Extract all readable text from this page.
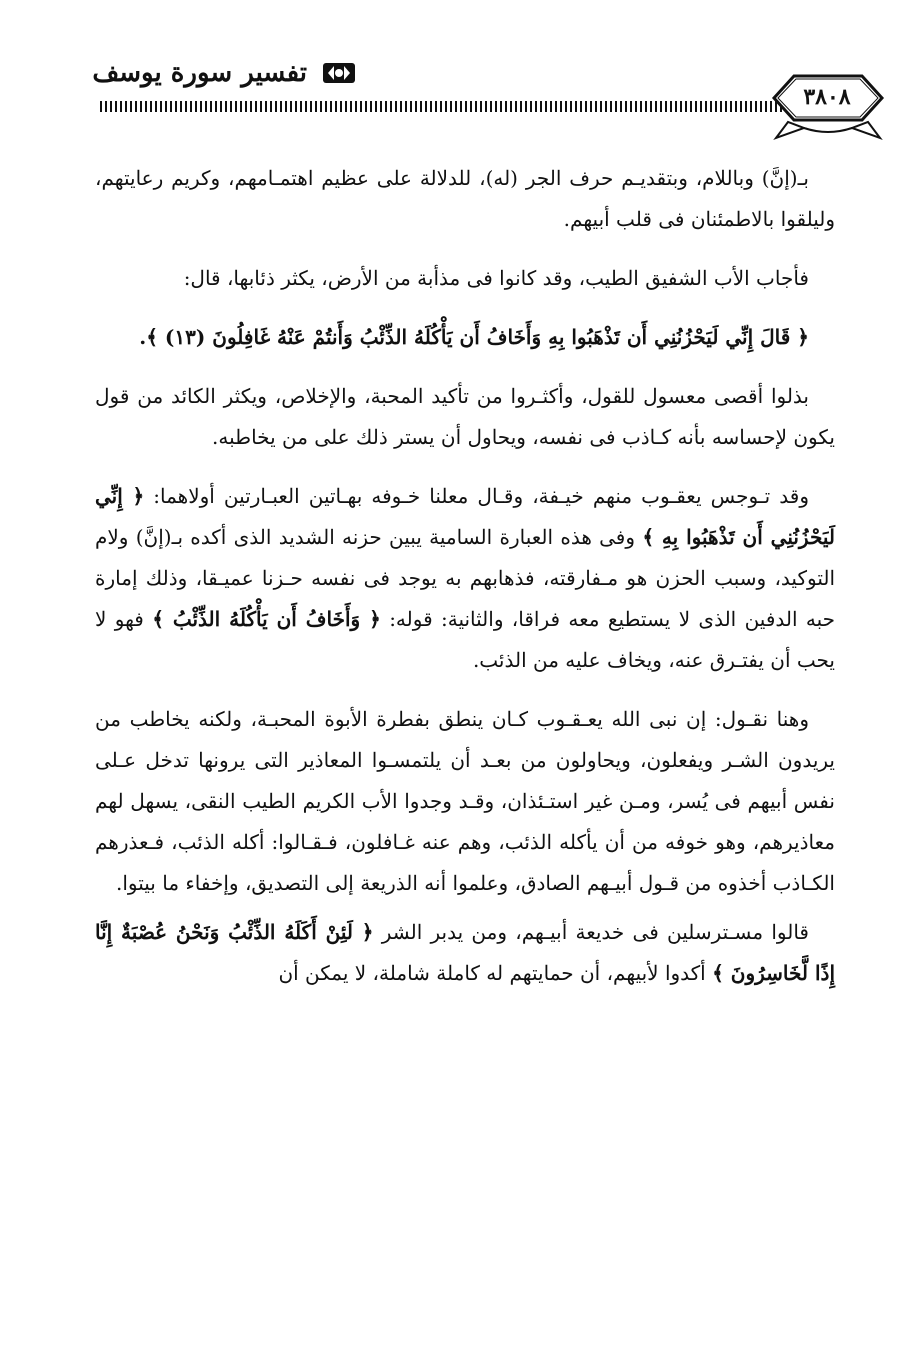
تفسير سورة يوسف
٣٨٠٨

بـ(إنَّ) وباللام، وبتقديـم حرف الجر (له)، للدلالة على عظيم اهتمـامهم، وكريم رعايتهم، وليلقوا بالاطمئنان فى قلب أبيهم.

فأجاب الأب الشفيق الطيب، وقد كانوا فى مذأبة من الأرض، يكثر ذئابها، قال:

﴿ قَالَ إِنِّي لَيَحْزُنُنِي أَن تَذْهَبُوا بِهِ وَأَخَافُ أَن يَأْكُلَهُ الذِّئْبُ وَأَنتُمْ عَنْهُ غَافِلُونَ (١٣) ﴾.

بذلوا أقصى معسول للقول، وأكثـروا من تأكيد المحبة، والإخلاص، ويكثر الكائد من قول يكون لإحساسه بأنه كـاذب فى نفسه، ويحاول أن يستر ذلك على من يخاطبه.

وقد تـوجس يعقـوب منهم خيـفة، وقـال معلنا خـوفه بهـاتين العبـارتين أولاهما: ﴿ إِنِّي لَيَحْزُنُنِي أَن تَذْهَبُوا بِهِ ﴾ وفى هذه العبارة السامية يبين حزنه الشديد الذى أكده بـ(إنَّ) ولام التوكيد، وسبب الحزن هو مـفارقته، فذهابهم به يوجد فى نفسه حـزنا عميـقا، وذلك إمارة حبه الدفين الذى لا يستطيع معه فراقا، والثانية: قوله: ﴿ وَأَخَافُ أَن يَأْكُلَهُ الذِّئْبُ ﴾ فهو لا يحب أن يفتـرق عنه، ويخاف عليه من الذئب.

وهنا نقـول: إن نبى الله يعـقـوب كـان ينطق بفطرة الأبوة المحبـة، ولكنه يخاطب من يريدون الشـر ويفعلون، ويحاولون من بعـد أن يلتمسـوا المعاذير التى يرونها تدخل عـلى نفس أبيهم فى يُسر، ومـن غير استـئذان، وقـد وجدوا الأب الكريم الطيب النقى، يسهل لهم معاذيرهم، وهو خوفه من أن يأكله الذئب، وهم عنه غـافلون، فـقـالوا: أكله الذئب، فـعذرهم الكـاذب أخذوه من قـول أبيـهم الصادق، وعلموا أنه الذريعة إلى التصديق، وإخفاء ما بيتوا.

قالوا مسـترسلين فى خديعة أبيـهم، ومن يدبر الشر ﴿ لَئِنْ أَكَلَهُ الذِّئْبُ وَنَحْنُ عُصْبَةٌ إِنَّا إِذًا لَّخَاسِرُونَ ﴾ أكدوا لأبيهم، أن حمايتهم له كاملة شاملة، لا يمكن أن
